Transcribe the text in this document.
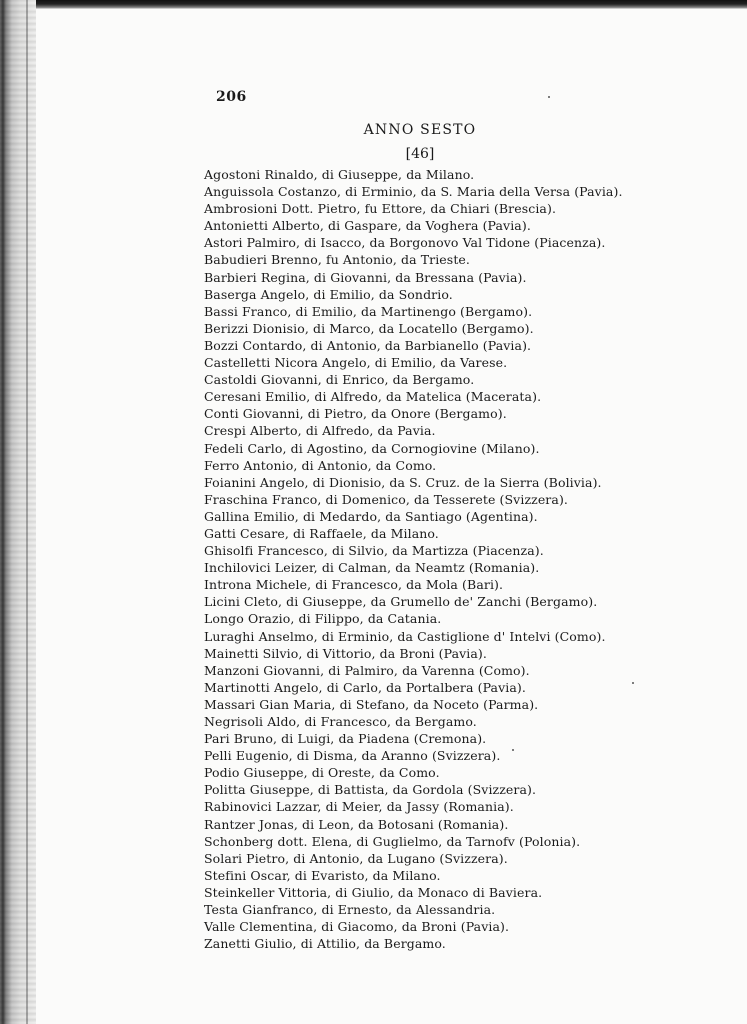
206
ANNO SESTO
[46]
Agostoni Rinaldo, di Giuseppe, da Milano.
Anguissola Costanzo, di Erminio, da S. Maria della Versa (Pavia).
Ambrosioni Dott. Pietro, fu Ettore, da Chiari (Brescia).
Antonietti Alberto, di Gaspare, da Voghera (Pavia).
Astori Palmiro, di Isacco, da Borgonovo Val Tidone (Piacenza).
Babudieri Brenno, fu Antonio, da Trieste.
Barbieri Regina, di Giovanni, da Bressana (Pavia).
Baserga Angelo, di Emilio, da Sondrio.
Bassi Franco, di Emilio, da Martinengo (Bergamo).
Berizzi Dionisio, di Marco, da Locatello (Bergamo).
Bozzi Contardo, di Antonio, da Barbianello (Pavia).
Castelletti Nicora Angelo, di Emilio, da Varese.
Castoldi Giovanni, di Enrico, da Bergamo.
Ceresani Emilio, di Alfredo, da Matelica (Macerata).
Conti Giovanni, di Pietro, da Onore (Bergamo).
Crespi Alberto, di Alfredo, da Pavia.
Fedeli Carlo, di Agostino, da Cornogiovine (Milano).
Ferro Antonio, di Antonio, da Como.
Foianini Angelo, di Dionisio, da S. Cruz. de la Sierra (Bolivia).
Fraschina Franco, di Domenico, da Tesserete (Svizzera).
Gallina Emilio, di Medardo, da Santiago (Agentina).
Gatti Cesare, di Raffaele, da Milano.
Ghisolfi Francesco, di Silvio, da Martizza (Piacenza).
Inchilovici Leizer, di Calman, da Neamtz (Romania).
Introna Michele, di Francesco, da Mola (Bari).
Licini Cleto, di Giuseppe, da Grumello de' Zanchi (Bergamo).
Longo Orazio, di Filippo, da Catania.
Luraghi Anselmo, di Erminio, da Castiglione d' Intelvi (Como).
Mainetti Silvio, di Vittorio, da Broni (Pavia).
Manzoni Giovanni, di Palmiro, da Varenna (Como).
Martinotti Angelo, di Carlo, da Portalbera (Pavia).
Massari Gian Maria, di Stefano, da Noceto (Parma).
Negrisoli Aldo, di Francesco, da Bergamo.
Pari Bruno, di Luigi, da Piadena (Cremona).
Pelli Eugenio, di Disma, da Aranno (Svizzera).
Podio Giuseppe, di Oreste, da Como.
Politta Giuseppe, di Battista, da Gordola (Svizzera).
Rabinovici Lazzar, di Meier, da Jassy (Romania).
Rantzer Jonas, di Leon, da Botosani (Romania).
Schonberg dott. Elena, di Guglielmo, da Tarnofv (Polonia).
Solari Pietro, di Antonio, da Lugano (Svizzera).
Stefini Oscar, di Evaristo, da Milano.
Steinkeller Vittoria, di Giulio, da Monaco di Baviera.
Testa Gianfranco, di Ernesto, da Alessandria.
Valle Clementina, di Giacomo, da Broni (Pavia).
Zanetti Giulio, di Attilio, da Bergamo.
